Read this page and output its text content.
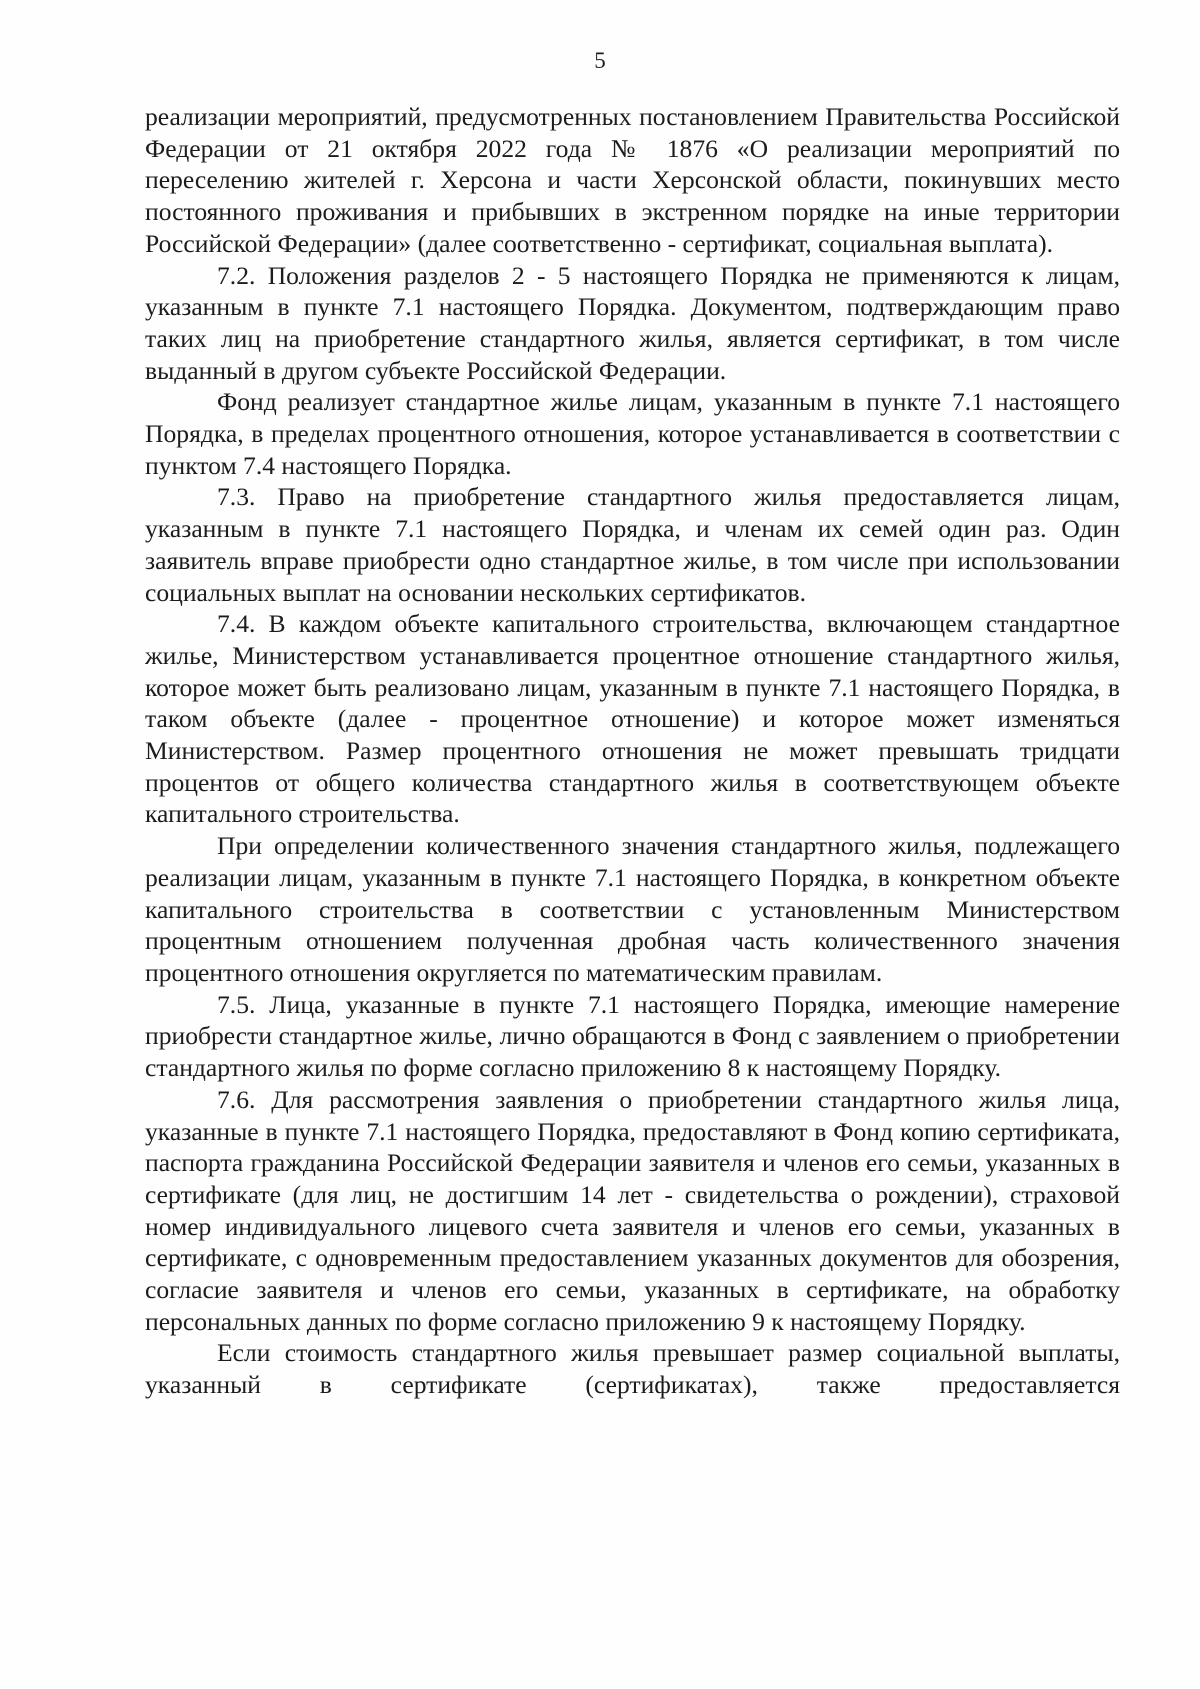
5

реализации мероприятий, предусмотренных постановлением Правительства Российской Федерации от 21 октября 2022 года № 1876 «О реализации мероприятий по переселению жителей г. Херсона и части Херсонской области, покинувших место постоянного проживания и прибывших в экстренном порядке на иные территории Российской Федерации» (далее соответственно - сертификат, социальная выплата).

7.2. Положения разделов 2 - 5 настоящего Порядка не применяются к лицам, указанным в пункте 7.1 настоящего Порядка. Документом, подтверждающим право таких лиц на приобретение стандартного жилья, является сертификат, в том числе выданный в другом субъекте Российской Федерации.

Фонд реализует стандартное жилье лицам, указанным в пункте 7.1 настоящего Порядка, в пределах процентного отношения, которое устанавливается в соответствии с пунктом 7.4 настоящего Порядка.

7.3. Право на приобретение стандартного жилья предоставляется лицам, указанным в пункте 7.1 настоящего Порядка, и членам их семей один раз. Один заявитель вправе приобрести одно стандартное жилье, в том числе при использовании социальных выплат на основании нескольких сертификатов.

7.4. В каждом объекте капитального строительства, включающем стандартное жилье, Министерством устанавливается процентное отношение стандартного жилья, которое может быть реализовано лицам, указанным в пункте 7.1 настоящего Порядка, в таком объекте (далее - процентное отношение) и которое может изменяться Министерством. Размер процентного отношения не может превышать тридцати процентов от общего количества стандартного жилья в соответствующем объекте капитального строительства.

При определении количественного значения стандартного жилья, подлежащего реализации лицам, указанным в пункте 7.1 настоящего Порядка, в конкретном объекте капитального строительства в соответствии с установленным Министерством процентным отношением полученная дробная часть количественного значения процентного отношения округляется по математическим правилам.

7.5. Лица, указанные в пункте 7.1 настоящего Порядка, имеющие намерение приобрести стандартное жилье, лично обращаются в Фонд с заявлением о приобретении стандартного жилья по форме согласно приложению 8 к настоящему Порядку.

7.6. Для рассмотрения заявления о приобретении стандартного жилья лица, указанные в пункте 7.1 настоящего Порядка, предоставляют в Фонд копию сертификата, паспорта гражданина Российской Федерации заявителя и членов его семьи, указанных в сертификате (для лиц, не достигшим 14 лет - свидетельства о рождении), страховой номер индивидуального лицевого счета заявителя и членов его семьи, указанных в сертификате, с одновременным предоставлением указанных документов для обозрения, согласие заявителя и членов его семьи, указанных в сертификате, на обработку персональных данных по форме согласно приложению 9 к настоящему Порядку.

Если стоимость стандартного жилья превышает размер социальной выплаты, указанный в сертификате (сертификатах), также предоставляется
